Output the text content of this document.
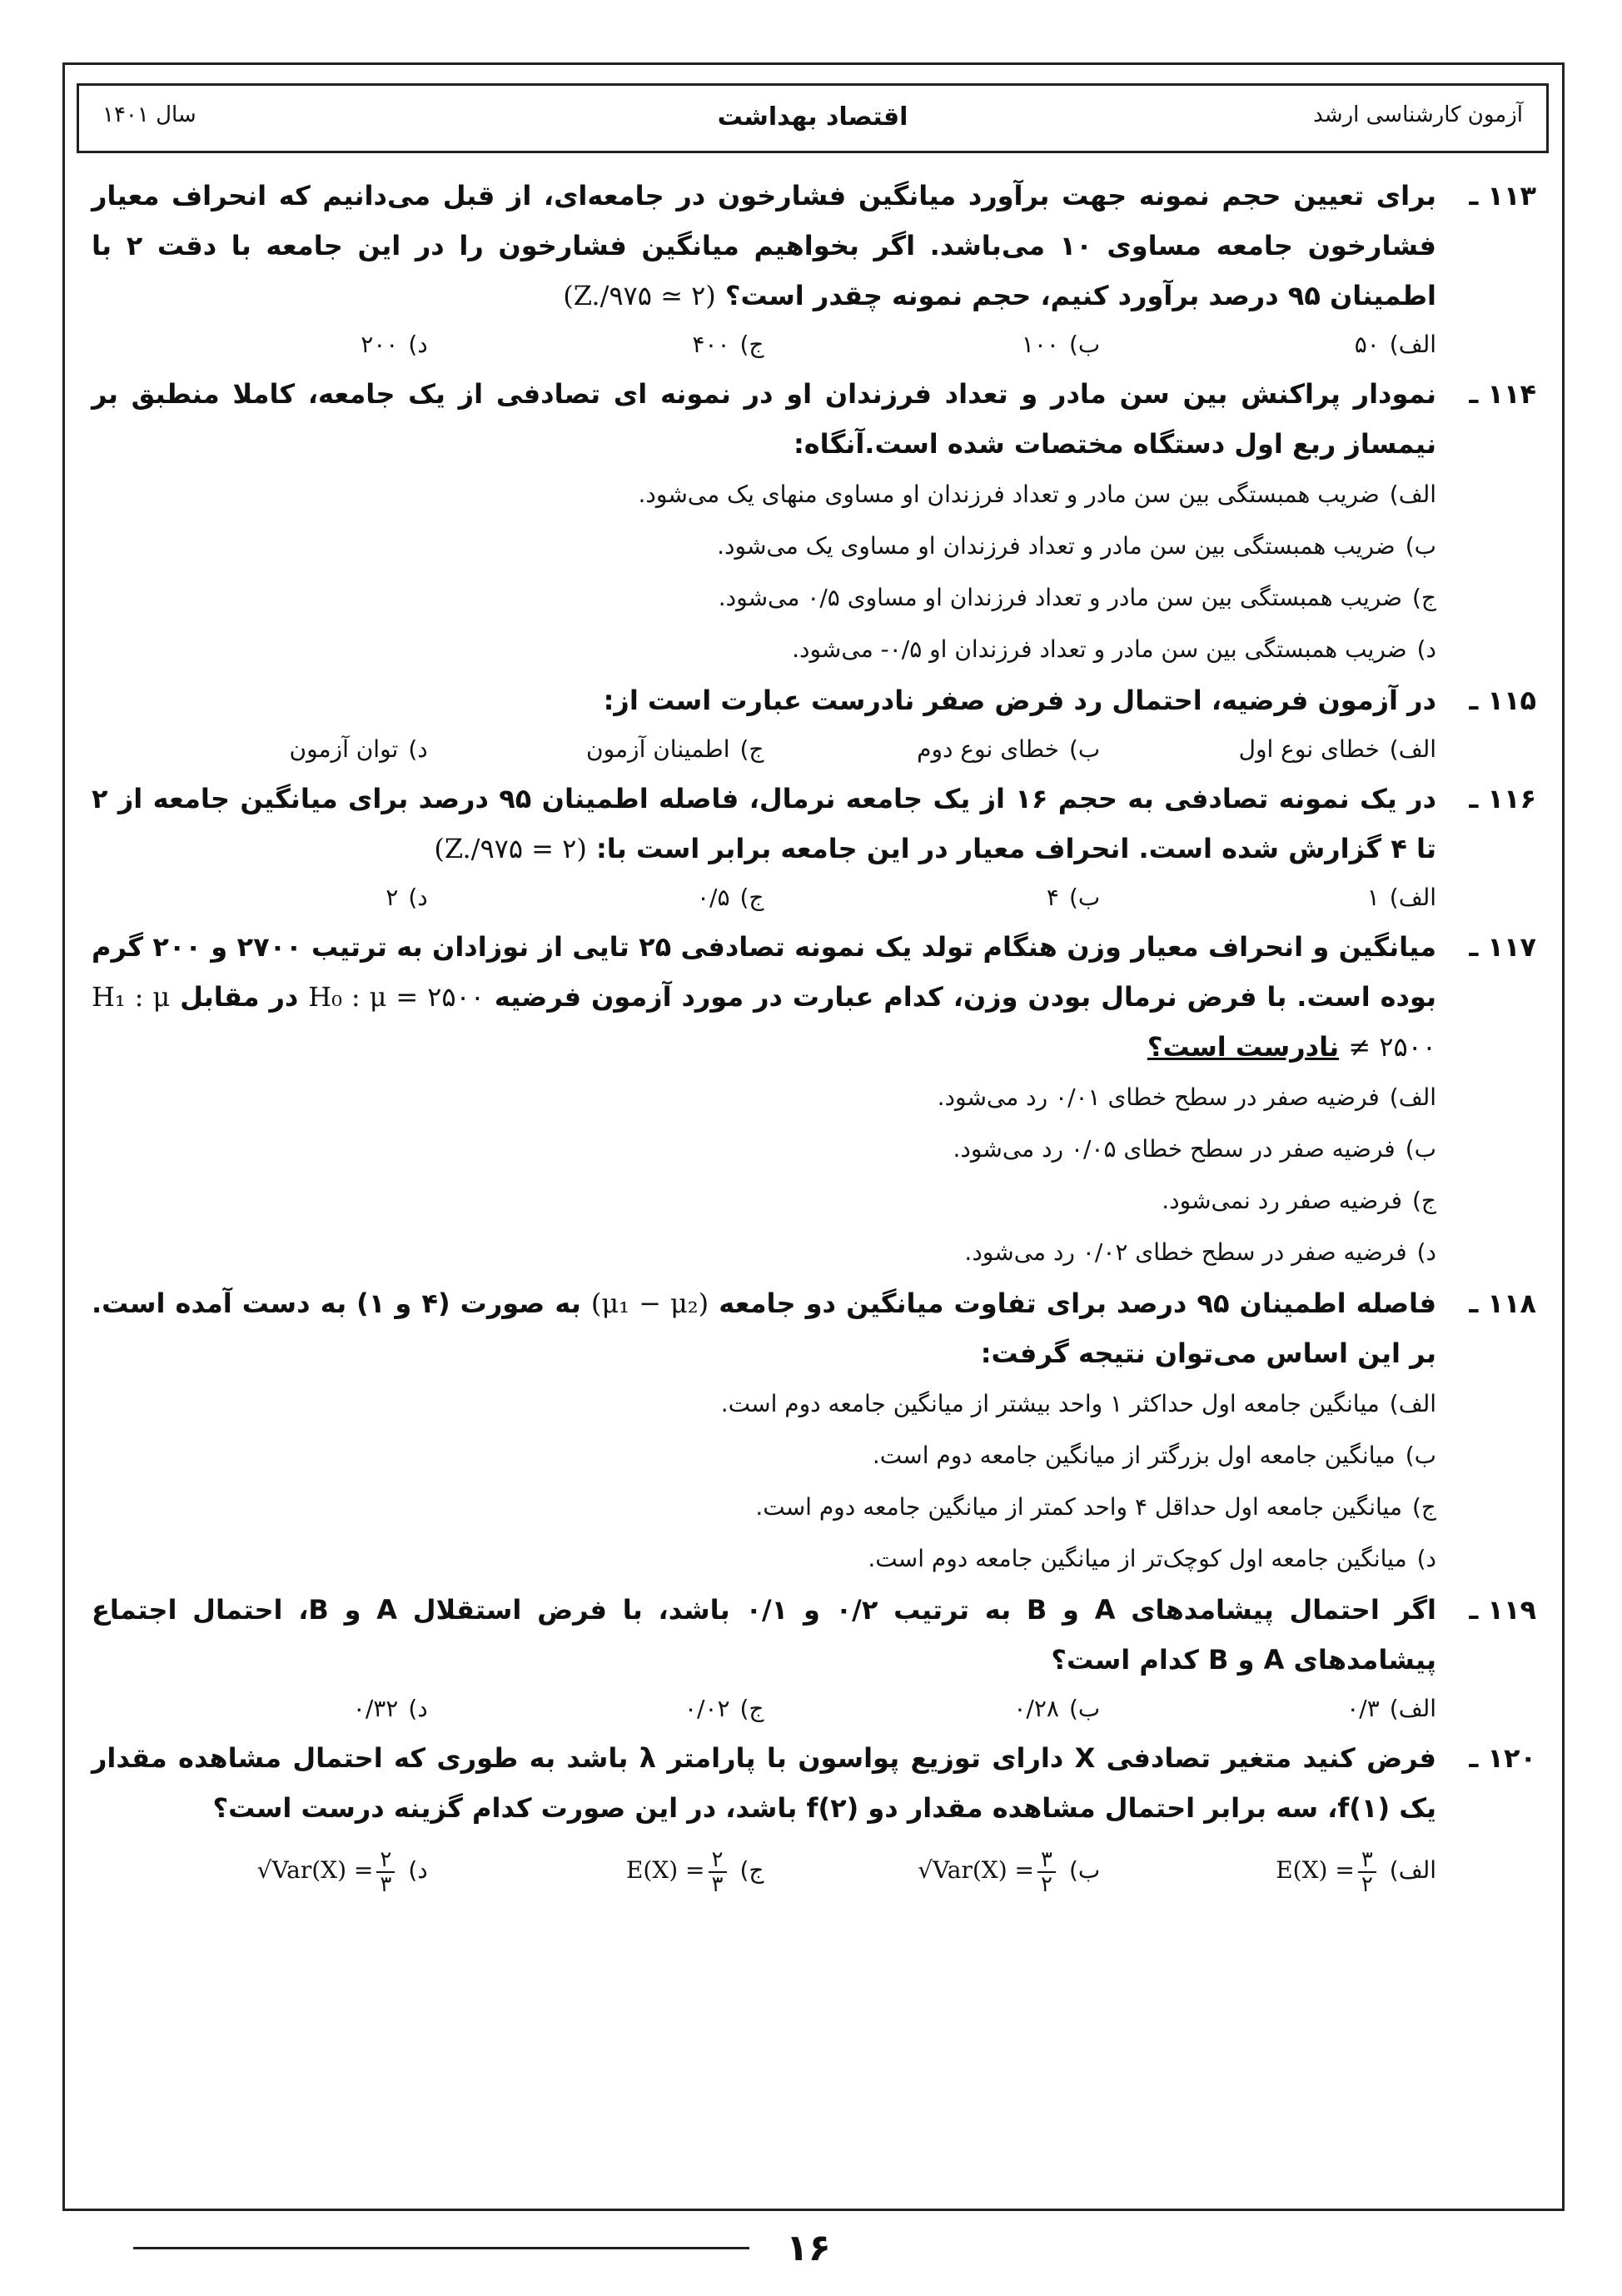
آزمون کارشناسی ارشد
اقتصاد بهداشت
سال ۱۴۰۱
۱۱۳ ـ
برای تعیین حجم نمونه جهت برآورد میانگین فشارخون در جامعه‌ای، از قبل می‌دانیم که انحراف معیار فشارخون جامعه مساوی ۱۰ می‌باشد. اگر بخواهیم میانگین فشارخون را در این جامعه با دقت ۲ با اطمینان ۹۵ درصد برآورد کنیم، حجم نمونه چقدر است؟ (Z./۹۷۵ ≃ ۲)
الف)۵۰
ب)۱۰۰
ج)۴۰۰
د)۲۰۰
۱۱۴ ـ
نمودار پراکنش بین سن مادر و تعداد فرزندان او در نمونه ای تصادفی از یک جامعه، کاملا منطبق بر نیمساز ربع اول دستگاه مختصات شده است.آنگاه:
الف)ضریب همبستگی بین سن مادر و تعداد فرزندان او مساوی منهای یک می‌شود.
ب)ضریب همبستگی بین سن مادر و تعداد فرزندان او مساوی یک می‌شود.
ج)ضریب همبستگی بین سن مادر و تعداد فرزندان او مساوی ۰/۵ می‌شود.
د)ضریب همبستگی بین سن مادر و تعداد فرزندان او ۰/۵- می‌شود.
۱۱۵ ـ
در آزمون فرضیه، احتمال رد فرض صفر نادرست عبارت است از:
الف)خطای نوع اول
ب)خطای نوع دوم
ج)اطمینان آزمون
د)توان آزمون
۱۱۶ ـ
در یک نمونه تصادفی به حجم ۱۶ از یک جامعه نرمال، فاصله اطمینان ۹۵ درصد برای میانگین جامعه از ۲ تا ۴ گزارش شده است. انحراف معیار در این جامعه برابر است با: (Z./۹۷۵ = ۲)
الف)۱
ب)۴
ج)۰/۵
د)۲
۱۱۷ ـ
میانگین و انحراف معیار وزن هنگام تولد یک نمونه تصادفی ۲۵ تایی از نوزادان به ترتیب ۲۷۰۰ و ۲۰۰ گرم بوده است. با فرض نرمال بودن وزن، کدام عبارت در مورد آزمون فرضیه H₀ : μ = ۲۵۰۰ در مقابل H₁ : μ ≠ ۲۵۰۰ نادرست است؟
الف)فرضیه صفر در سطح خطای ۰/۰۱ رد می‌شود.
ب)فرضیه صفر در سطح خطای ۰/۰۵ رد می‌شود.
ج)فرضیه صفر رد نمی‌شود.
د)فرضیه صفر در سطح خطای ۰/۰۲ رد می‌شود.
۱۱۸ ـ
فاصله اطمینان ۹۵ درصد برای تفاوت میانگین دو جامعه (μ₁ − μ₂) به صورت (۴ و ۱) به دست آمده است. بر این اساس می‌توان نتیجه گرفت:
الف)میانگین جامعه اول حداکثر ۱ واحد بیشتر از میانگین جامعه دوم است.
ب)میانگین جامعه اول بزرگتر از میانگین جامعه دوم است.
ج)میانگین جامعه اول حداقل ۴ واحد کمتر از میانگین جامعه دوم است.
د)میانگین جامعه اول کوچک‌تر از میانگین جامعه دوم است.
۱۱۹ ـ
اگر احتمال پیشامدهای A و B به ترتیب ۰/۲ و ۰/۱ باشد، با فرض استقلال A و B، احتمال اجتماع پیشامدهای A و B کدام است؟
الف)۰/۳
ب)۰/۲۸
ج)۰/۰۲
د)۰/۳۲
۱۲۰ ـ
فرض کنید متغیر تصادفی X دارای توزیع پواسون با پارامتر λ باشد به طوری که احتمال مشاهده مقدار یک f(۱)، سه برابر احتمال مشاهده مقدار دو f(۲) باشد، در این صورت کدام گزینه درست است؟
الف)E(X) = $\frac{۳}{۲}$
ب)√Var(X) = $\frac{۳}{۲}$
ج)E(X) = $\frac{۲}{۳}$
د)√Var(X) = $\frac{۲}{۳}$
۱۶
